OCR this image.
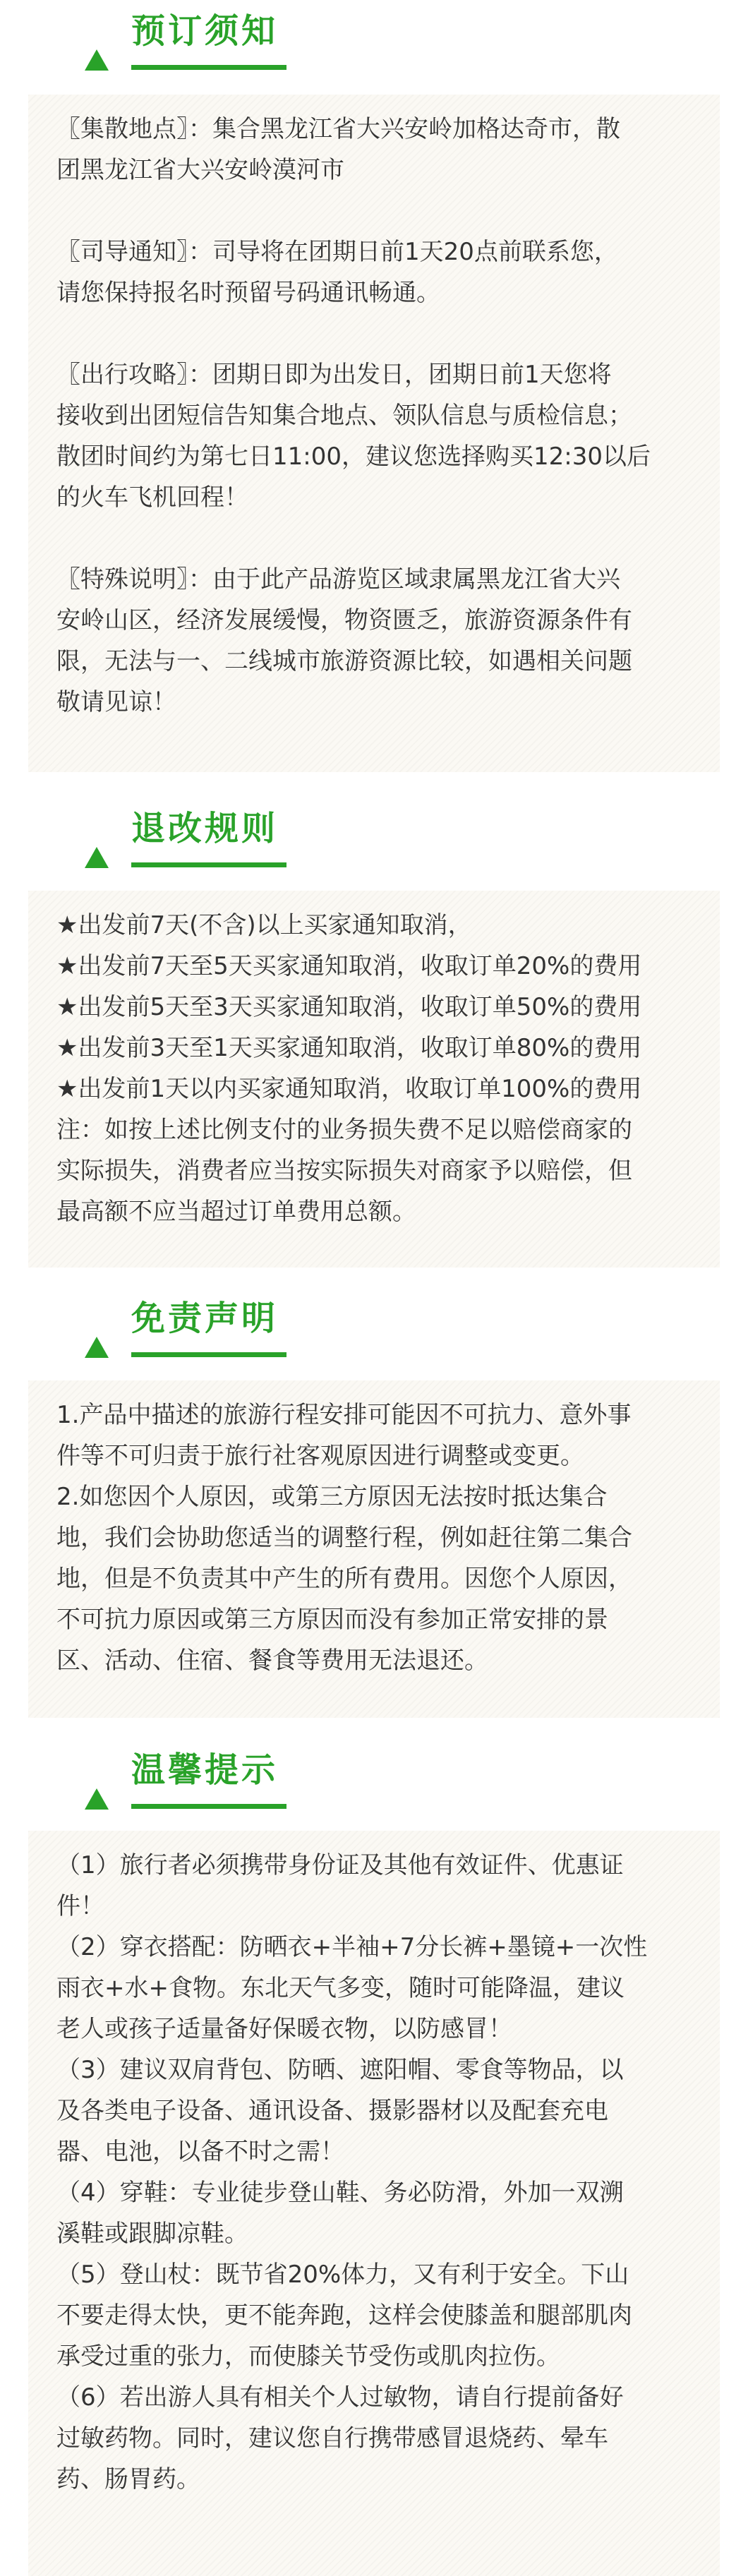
预订须知

〖集散地点〗：集合黑龙江省大兴安岭加格达奇市，散

团黑龙江省大兴安岭漠河市

〖司导通知〗：司导将在团期日前1天20点前联系您，

请您保持报名时预留号码通讯畅通。

〖出行攻略〗：团期日即为出发日，团期日前1天您将

接收到出团短信告知集合地点、领队信息与质检信息；

散团时间约为第七日11:00，建议您选择购买12:30以后

的火车飞机回程！

〖特殊说明〗：由于此产品游览区域隶属黑龙江省大兴

安岭山区，经济发展缓慢，物资匮乏，旅游资源条件有

限，无法与一、二线城市旅游资源比较，如遇相关问题

敬请见谅！

退改规则

★出发前7天(不含)以上买家通知取消，

★出发前7天至5天买家通知取消，收取订单20%的费用

★出发前5天至3天买家通知取消，收取订单50%的费用

★出发前3天至1天买家通知取消，收取订单80%的费用

★出发前1天以内买家通知取消，收取订单100%的费用

注：如按上述比例支付的业务损失费不足以赔偿商家的

实际损失，消费者应当按实际损失对商家予以赔偿，但

最高额不应当超过订单费用总额。

免责声明

1.产品中描述的旅游行程安排可能因不可抗力、意外事

件等不可归责于旅行社客观原因进行调整或变更。

2.如您因个人原因，或第三方原因无法按时抵达集合

地，我们会协助您适当的调整行程，例如赶往第二集合

地，但是不负责其中产生的所有费用。因您个人原因，

不可抗力原因或第三方原因而没有参加正常安排的景

区、活动、住宿、餐食等费用无法退还。

温馨提示

（1）旅行者必须携带身份证及其他有效证件、优惠证

件！

（2）穿衣搭配：防晒衣+半袖+7分长裤+墨镜+一次性

雨衣+水+食物。东北天气多变，随时可能降温，建议

老人或孩子适量备好保暖衣物，以防感冒！

（3）建议双肩背包、防晒、遮阳帽、零食等物品，以

及各类电子设备、通讯设备、摄影器材以及配套充电

器、电池，以备不时之需！

（4）穿鞋：专业徒步登山鞋、务必防滑，外加一双溯

溪鞋或跟脚凉鞋。

（5）登山杖：既节省20%体力，又有利于安全。下山

不要走得太快，更不能奔跑，这样会使膝盖和腿部肌肉

承受过重的张力，而使膝关节受伤或肌肉拉伤。

（6）若出游人具有相关个人过敏物，请自行提前备好

过敏药物。同时，建议您自行携带感冒退烧药、晕车

药、肠胃药。
